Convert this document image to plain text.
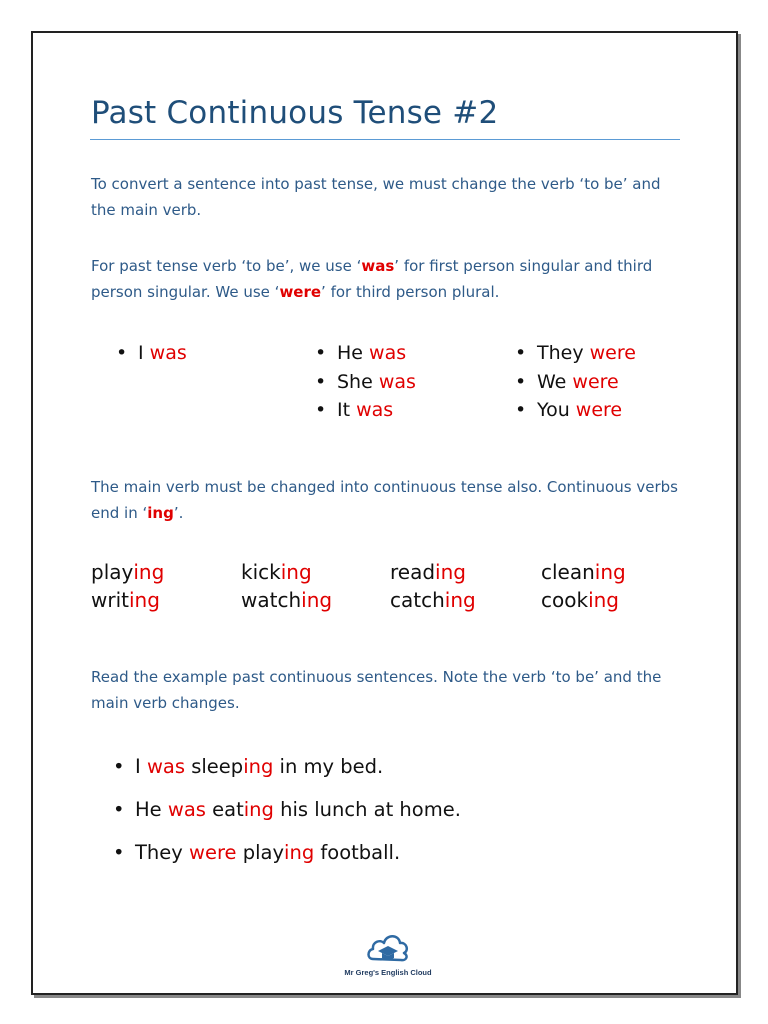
Past Continuous Tense #2
To convert a sentence into past tense, we must change the verb ‘to be’ and the main verb.
For past tense verb ‘to be’, we use ‘was’ for first person singular and third person singular. We use ‘were’ for third person plural.
• I was
•	He was
• She was
• It was
• They were
• We were
• You were
The main verb must be changed into continuous tense also. Continuous verbs end in ‘ing’.
playing	kicking	reading	cleaning
writing	watching	catching	cooking
Read the example past continuous sentences. Note the verb ‘to be’ and the main verb changes.
• I was sleeping in my bed.
• He was eating his lunch at home.
• They were playing football.
Mr Greg's English Cloud
